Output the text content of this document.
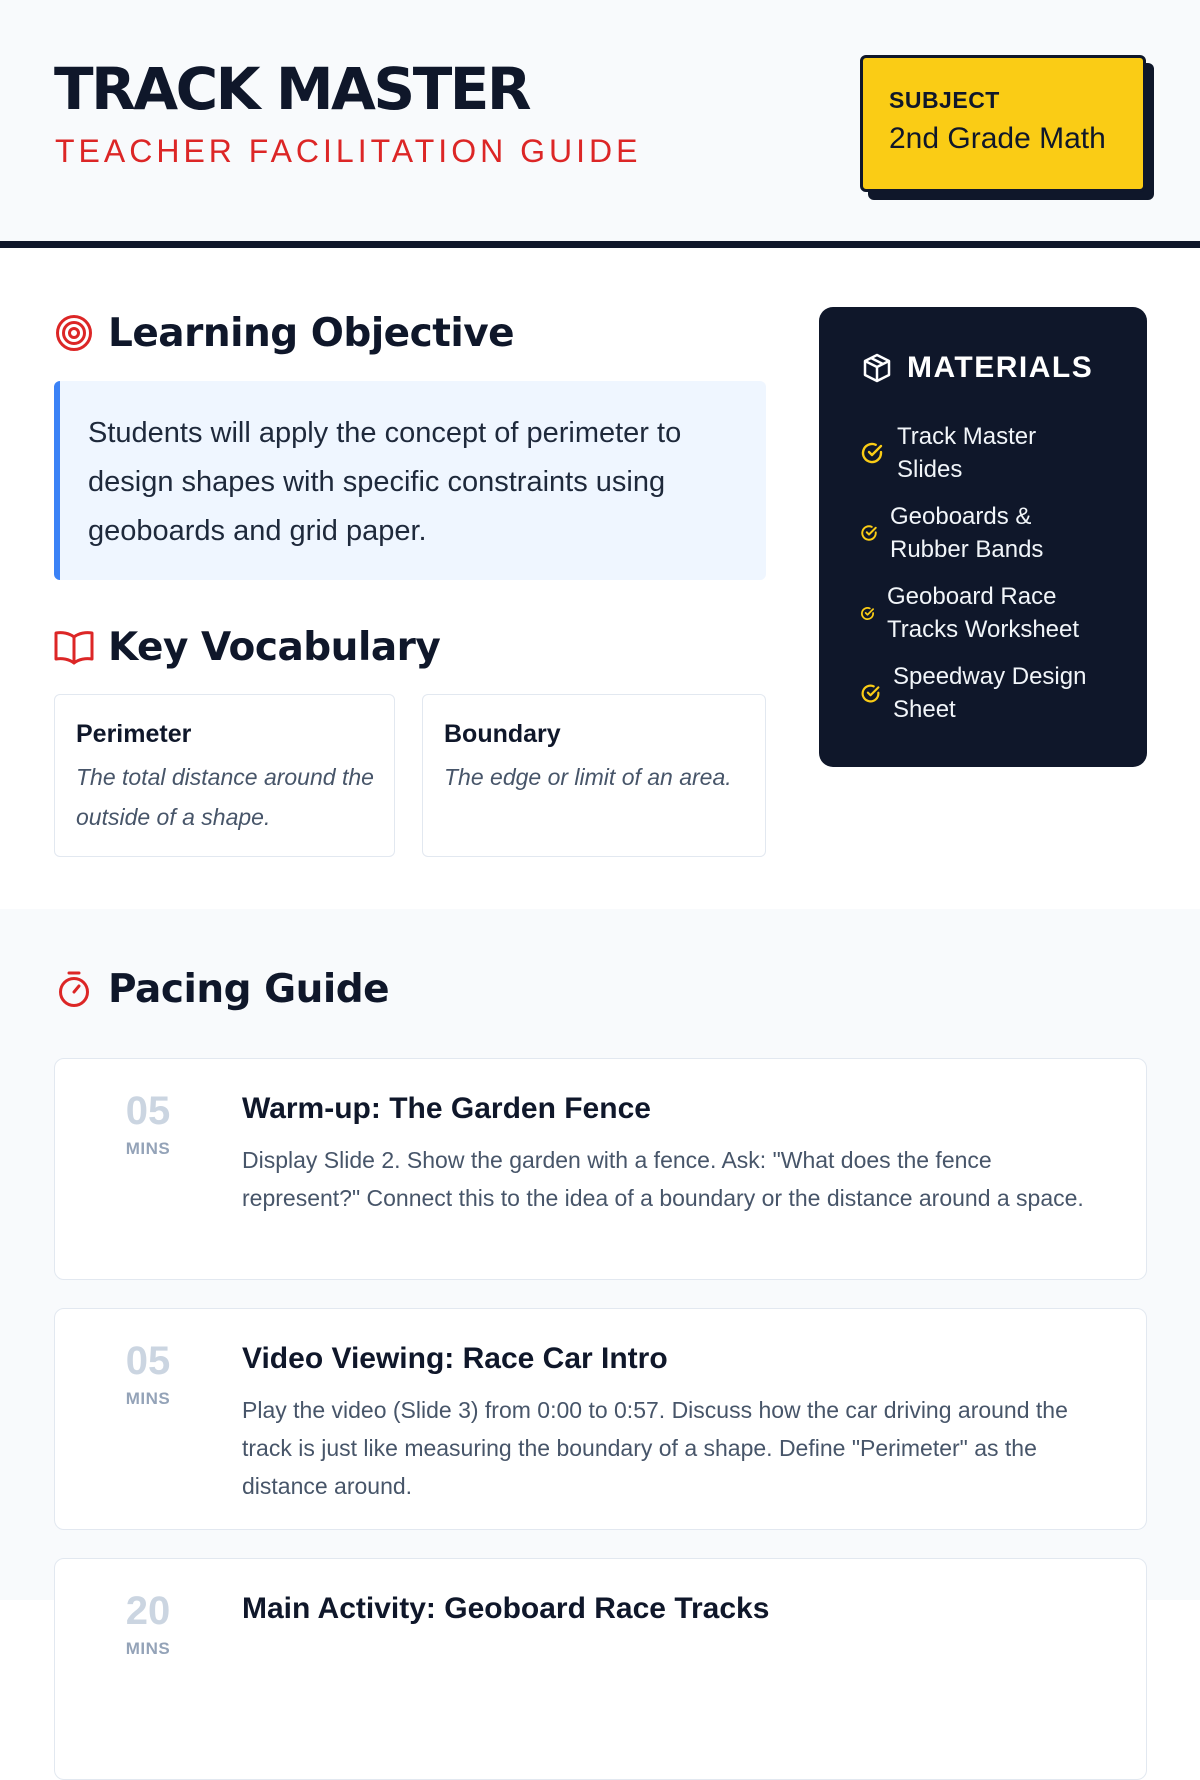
TRACK MASTER
TEACHER FACILITATION GUIDE
SUBJECT
2nd Grade Math
Learning Objective

Students will apply the concept of perimeter to design shapes with specific constraints using geoboards and grid paper.

Key Vocabulary
Perimeter
The total distance around the outside of a shape.
Boundary
The edge or limit of an area.
MATERIALS
Track Master Slides
Geoboards & Rubber Bands
Geoboard Race Tracks Worksheet
Speedway Design Sheet
Pacing Guide
05
MINS
Warm-up: The Garden Fence
Display Slide 2. Show the garden with a fence. Ask: "What does the fence represent?" Connect this to the idea of a boundary or the distance around a space.
05
MINS
Video Viewing: Race Car Intro
Play the video (Slide 3) from 0:00 to 0:57. Discuss how the car driving around the track is just like measuring the boundary of a shape. Define "Perimeter" as the distance around.
20
MINS
Main Activity: Geoboard Race Tracks
